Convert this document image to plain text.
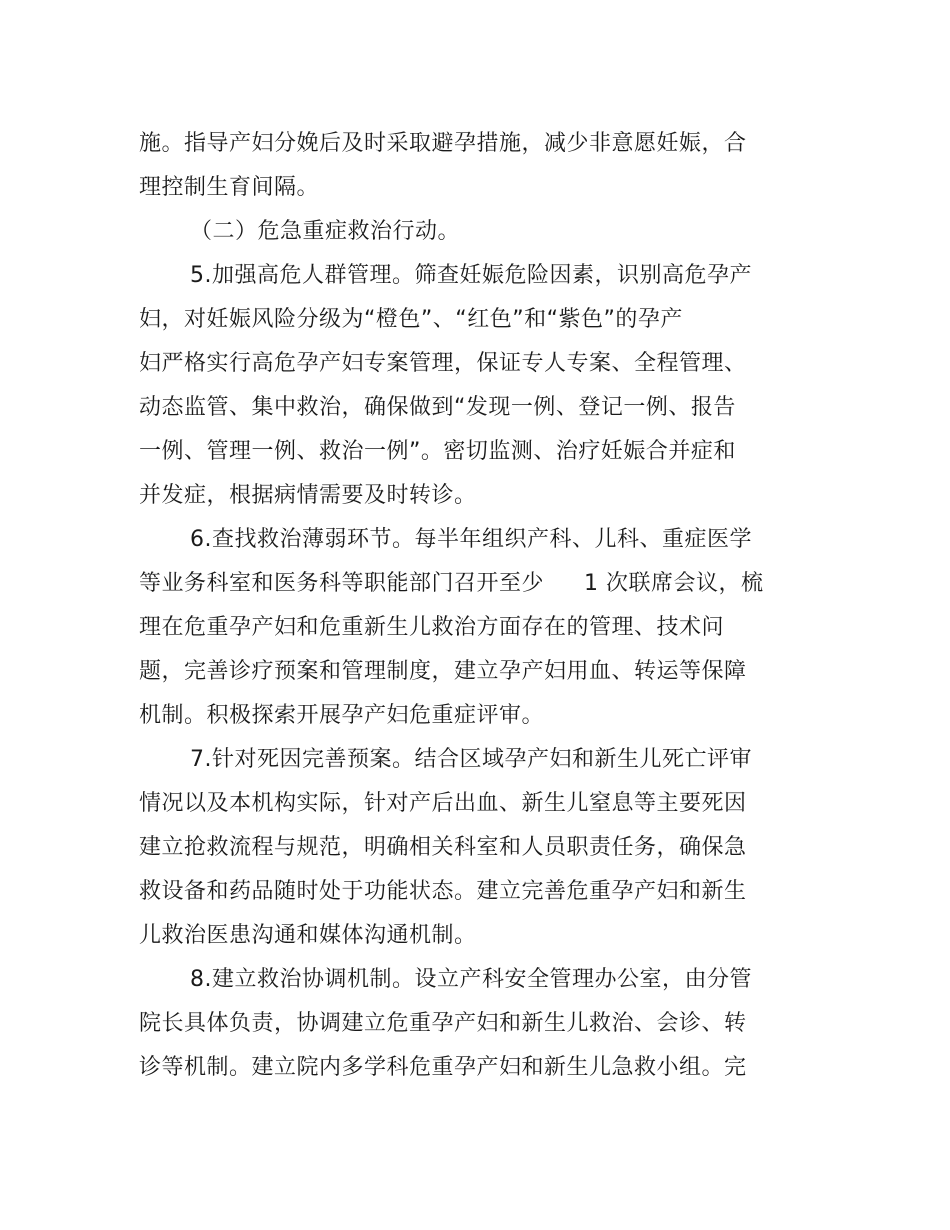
施。指导产妇分娩后及时采取避孕措施，减少非意愿妊娠，合
理控制生育间隔。
（二）危急重症救治行动。
5.加强高危人群管理。筛查妊娠危险因素，识别高危孕产
妇，对妊娠风险分级为“橙色”、“红色”和“紫色”的孕产
妇严格实行高危孕产妇专案管理，保证专人专案、全程管理、
动态监管、集中救治，确保做到“发现一例、登记一例、报告
一例、管理一例、救治一例”。密切监测、治疗妊娠合并症和
并发症，根据病情需要及时转诊。
6.查找救治薄弱环节。每半年组织产科、儿科、重症医学
等业务科室和医务科等职能部门召开至少 1 次联席会议，梳
理在危重孕产妇和危重新生儿救治方面存在的管理、技术问
题，完善诊疗预案和管理制度，建立孕产妇用血、转运等保障
机制。积极探索开展孕产妇危重症评审。
7.针对死因完善预案。结合区域孕产妇和新生儿死亡评审
情况以及本机构实际，针对产后出血、新生儿窒息等主要死因
建立抢救流程与规范，明确相关科室和人员职责任务，确保急
救设备和药品随时处于功能状态。建立完善危重孕产妇和新生
儿救治医患沟通和媒体沟通机制。
8.建立救治协调机制。设立产科安全管理办公室，由分管
院长具体负责，协调建立危重孕产妇和新生儿救治、会诊、转
诊等机制。建立院内多学科危重孕产妇和新生儿急救小组。完
